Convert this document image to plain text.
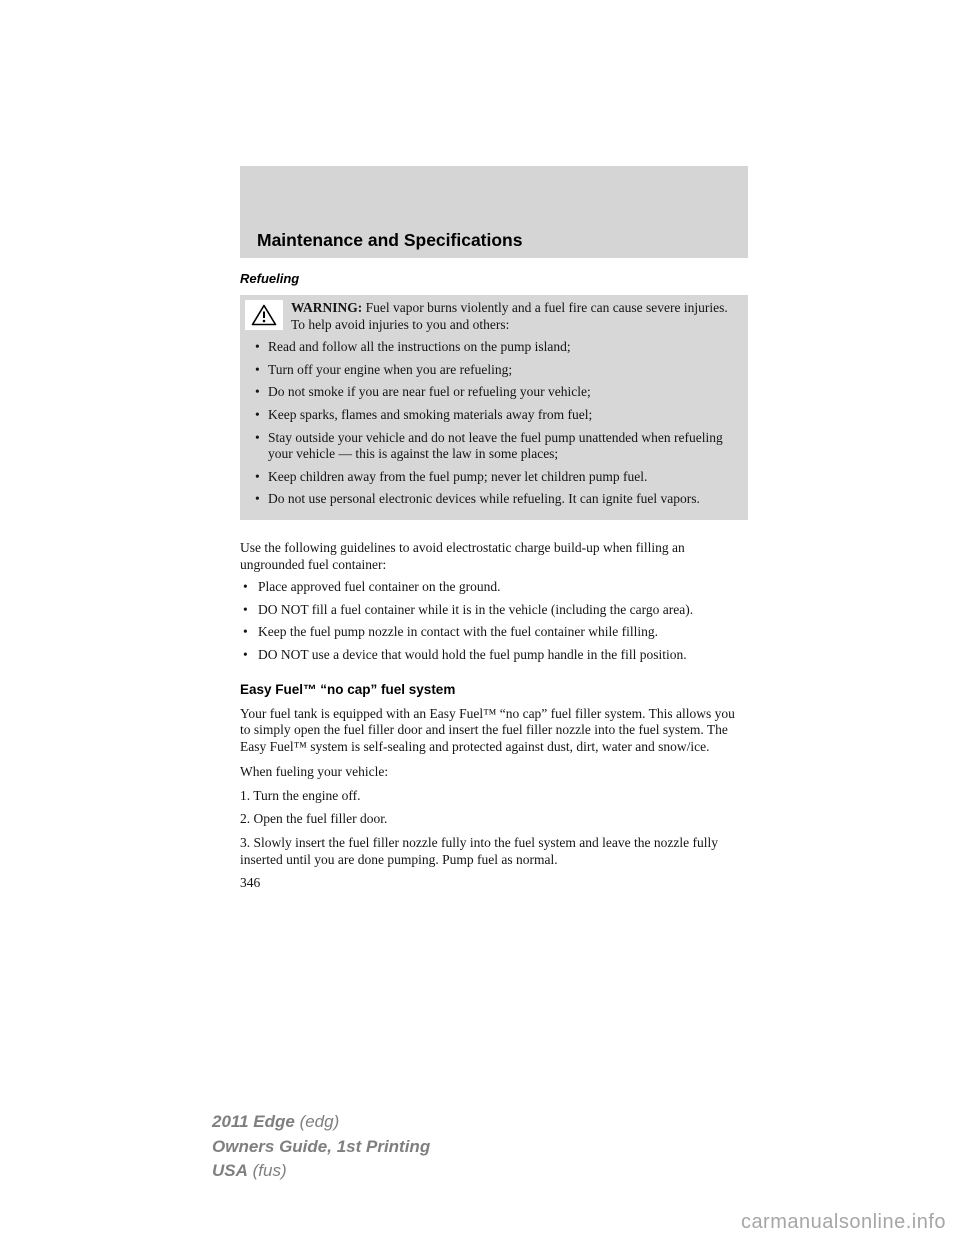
Maintenance and Specifications
Refueling

WARNING: Fuel vapor burns violently and a fuel fire can cause severe injuries. To help avoid injuries to you and others:

• Read and follow all the instructions on the pump island;
• Turn off your engine when you are refueling;
• Do not smoke if you are near fuel or refueling your vehicle;
• Keep sparks, flames and smoking materials away from fuel;
• Stay outside your vehicle and do not leave the fuel pump unattended when refueling your vehicle — this is against the law in some places;
• Keep children away from the fuel pump; never let children pump fuel.
• Do not use personal electronic devices while refueling. It can ignite fuel vapors.

Use the following guidelines to avoid electrostatic charge build-up when filling an ungrounded fuel container:

• Place approved fuel container on the ground.
• DO NOT fill a fuel container while it is in the vehicle (including the cargo area).
• Keep the fuel pump nozzle in contact with the fuel container while filling.
• DO NOT use a device that would hold the fuel pump handle in the fill position.
Easy Fuel™ “no cap” fuel system

Your fuel tank is equipped with an Easy Fuel™ “no cap” fuel filler system. This allows you to simply open the fuel filler door and insert the fuel filler nozzle into the fuel system. The Easy Fuel™ system is self-sealing and protected against dust, dirt, water and snow/ice.

When fueling your vehicle:

1. Turn the engine off.

2. Open the fuel filler door.

3. Slowly insert the fuel filler nozzle fully into the fuel system and leave the nozzle fully inserted until you are done pumping. Pump fuel as normal.

346
2011 Edge (edg)
Owners Guide, 1st Printing
USA (fus)
carmanualsonline.info
